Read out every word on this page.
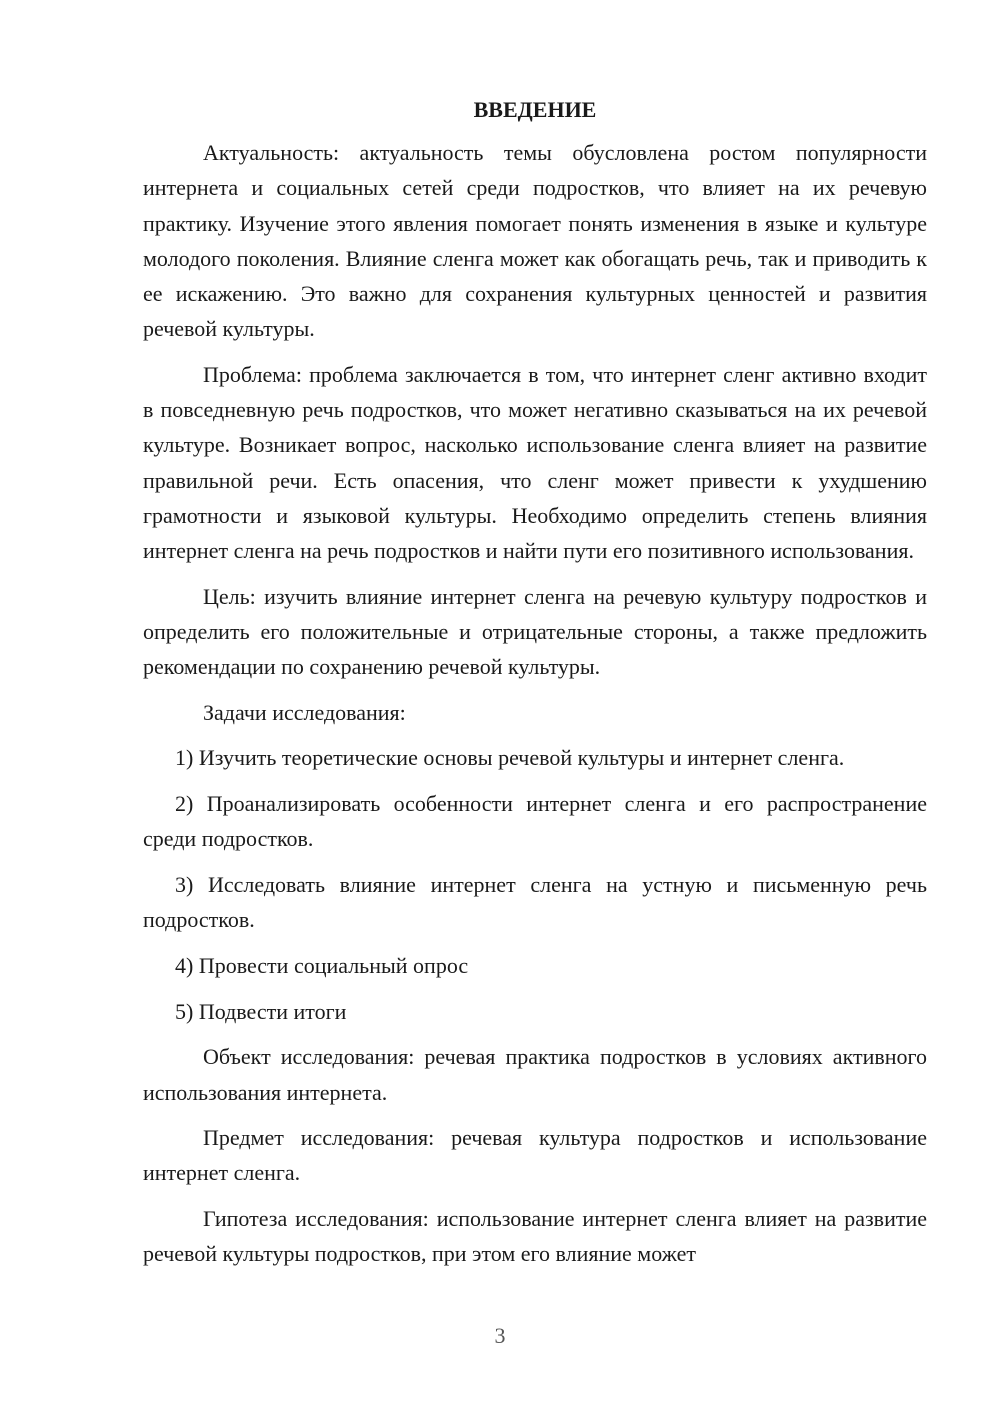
ВВЕДЕНИЕ

Актуальность: актуальность темы обусловлена ростом популярности интернета и социальных сетей среди подростков, что влияет на их речевую практику. Изучение этого явления помогает понять изменения в языке и культуре молодого поколения. Влияние сленга может как обогащать речь, так и приводить к ее искажению. Это важно для сохранения культурных ценностей и развития речевой культуры.

Проблема: проблема заключается в том, что интернет сленг активно входит в повседневную речь подростков, что может негативно сказываться на их речевой культуре. Возникает вопрос, насколько использование сленга влияет на развитие правильной речи. Есть опасения, что сленг может привести к ухудшению грамотности и языковой культуры. Необходимо определить степень влияния интернет сленга на речь подростков и найти пути его позитивного использования.

Цель: изучить влияние интернет сленга на речевую культуру подростков и определить его положительные и отрицательные стороны, а также предложить рекомендации по сохранению речевой культуры.

Задачи исследования:

1) Изучить теоретические основы речевой культуры и интернет сленга.

2) Проанализировать особенности интернет сленга и его распространение среди подростков.

3) Исследовать влияние интернет сленга на устную и письменную речь подростков.

4) Провести социальный опрос

5) Подвести итоги

Объект исследования: речевая практика подростков в условиях активного использования интернета.

Предмет исследования: речевая культура подростков и использование интернет сленга.

Гипотеза исследования: использование интернет сленга влияет на развитие речевой культуры подростков, при этом его влияние может

3
